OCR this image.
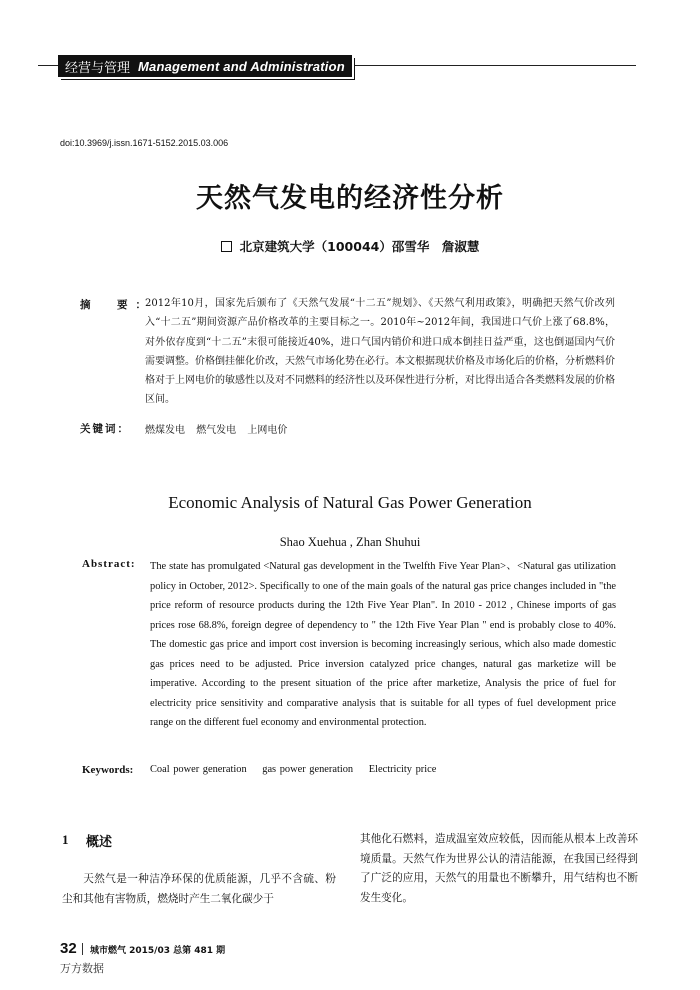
经营与管理 Management and Administration
doi:10.3969/j.issn.1671-5152.2015.03.006
天然气发电的经济性分析
北京建筑大学（100044）邵雪华　詹淑慧
摘　要：
2012年10月，国家先后颁布了《天然气发展“十二五”规划》、《天然气利用政策》，明确把天然气价改列入“十二五”期间资源产品价格改革的主要目标之一。2010年~2012年间，我国进口气价上涨了68.8%，对外依存度到“十二五”末很可能接近40%，进口气国内销价和进口成本倒挂日益严重，这也倒逼国内气价需要调整。价格倒挂催化价改，天然气市场化势在必行。本文根据现状价格及市场化后的价格，分析燃料价格对于上网电价的敏感性以及对不同燃料的经济性以及环保性进行分析，对比得出适合各类燃料发展的价格区间。
关键词： 燃煤发电 燃气发电 上网电价
Economic Analysis of Natural Gas Power Generation
Shao Xuehua , Zhan Shuhui
Abstract: The state has promulgated <Natural gas development in the Twelfth Five Year Plan>、<Natural gas utilization policy in October, 2012>. Specifically to one of the main goals of the natural gas price changes included in "the price reform of resource products during the 12th Five Year Plan". In 2010 - 2012 , Chinese imports of gas prices rose 68.8%, foreign degree of dependency to " the 12th Five Year Plan " end is probably close to 40%. The domestic gas price and import cost inversion is becoming increasingly serious, which also made domestic gas prices need to be adjusted. Price inversion catalyzed price changes, natural gas marketize will be imperative. According to the present situation of the price after marketize, Analysis the price of fuel for electricity price sensitivity and comparative analysis that is suitable for all types of fuel development price range on the different fuel economy and environmental protection.
Keywords: Coal power generation gas power generation Electricity price
1 概述
天然气是一种洁净环保的优质能源，几乎不含硫、粉尘和其他有害物质，燃烧时产生二氧化碳少于
其他化石燃料，造成温室效应较低，因而能从根本上改善环境质量。天然气作为世界公认的清洁能源，在我国已经得到了广泛的应用，天然气的用量也不断攀升，用气结构也不断发生变化。
32 城市燃气 2015/03 总第 481 期
万方数据
